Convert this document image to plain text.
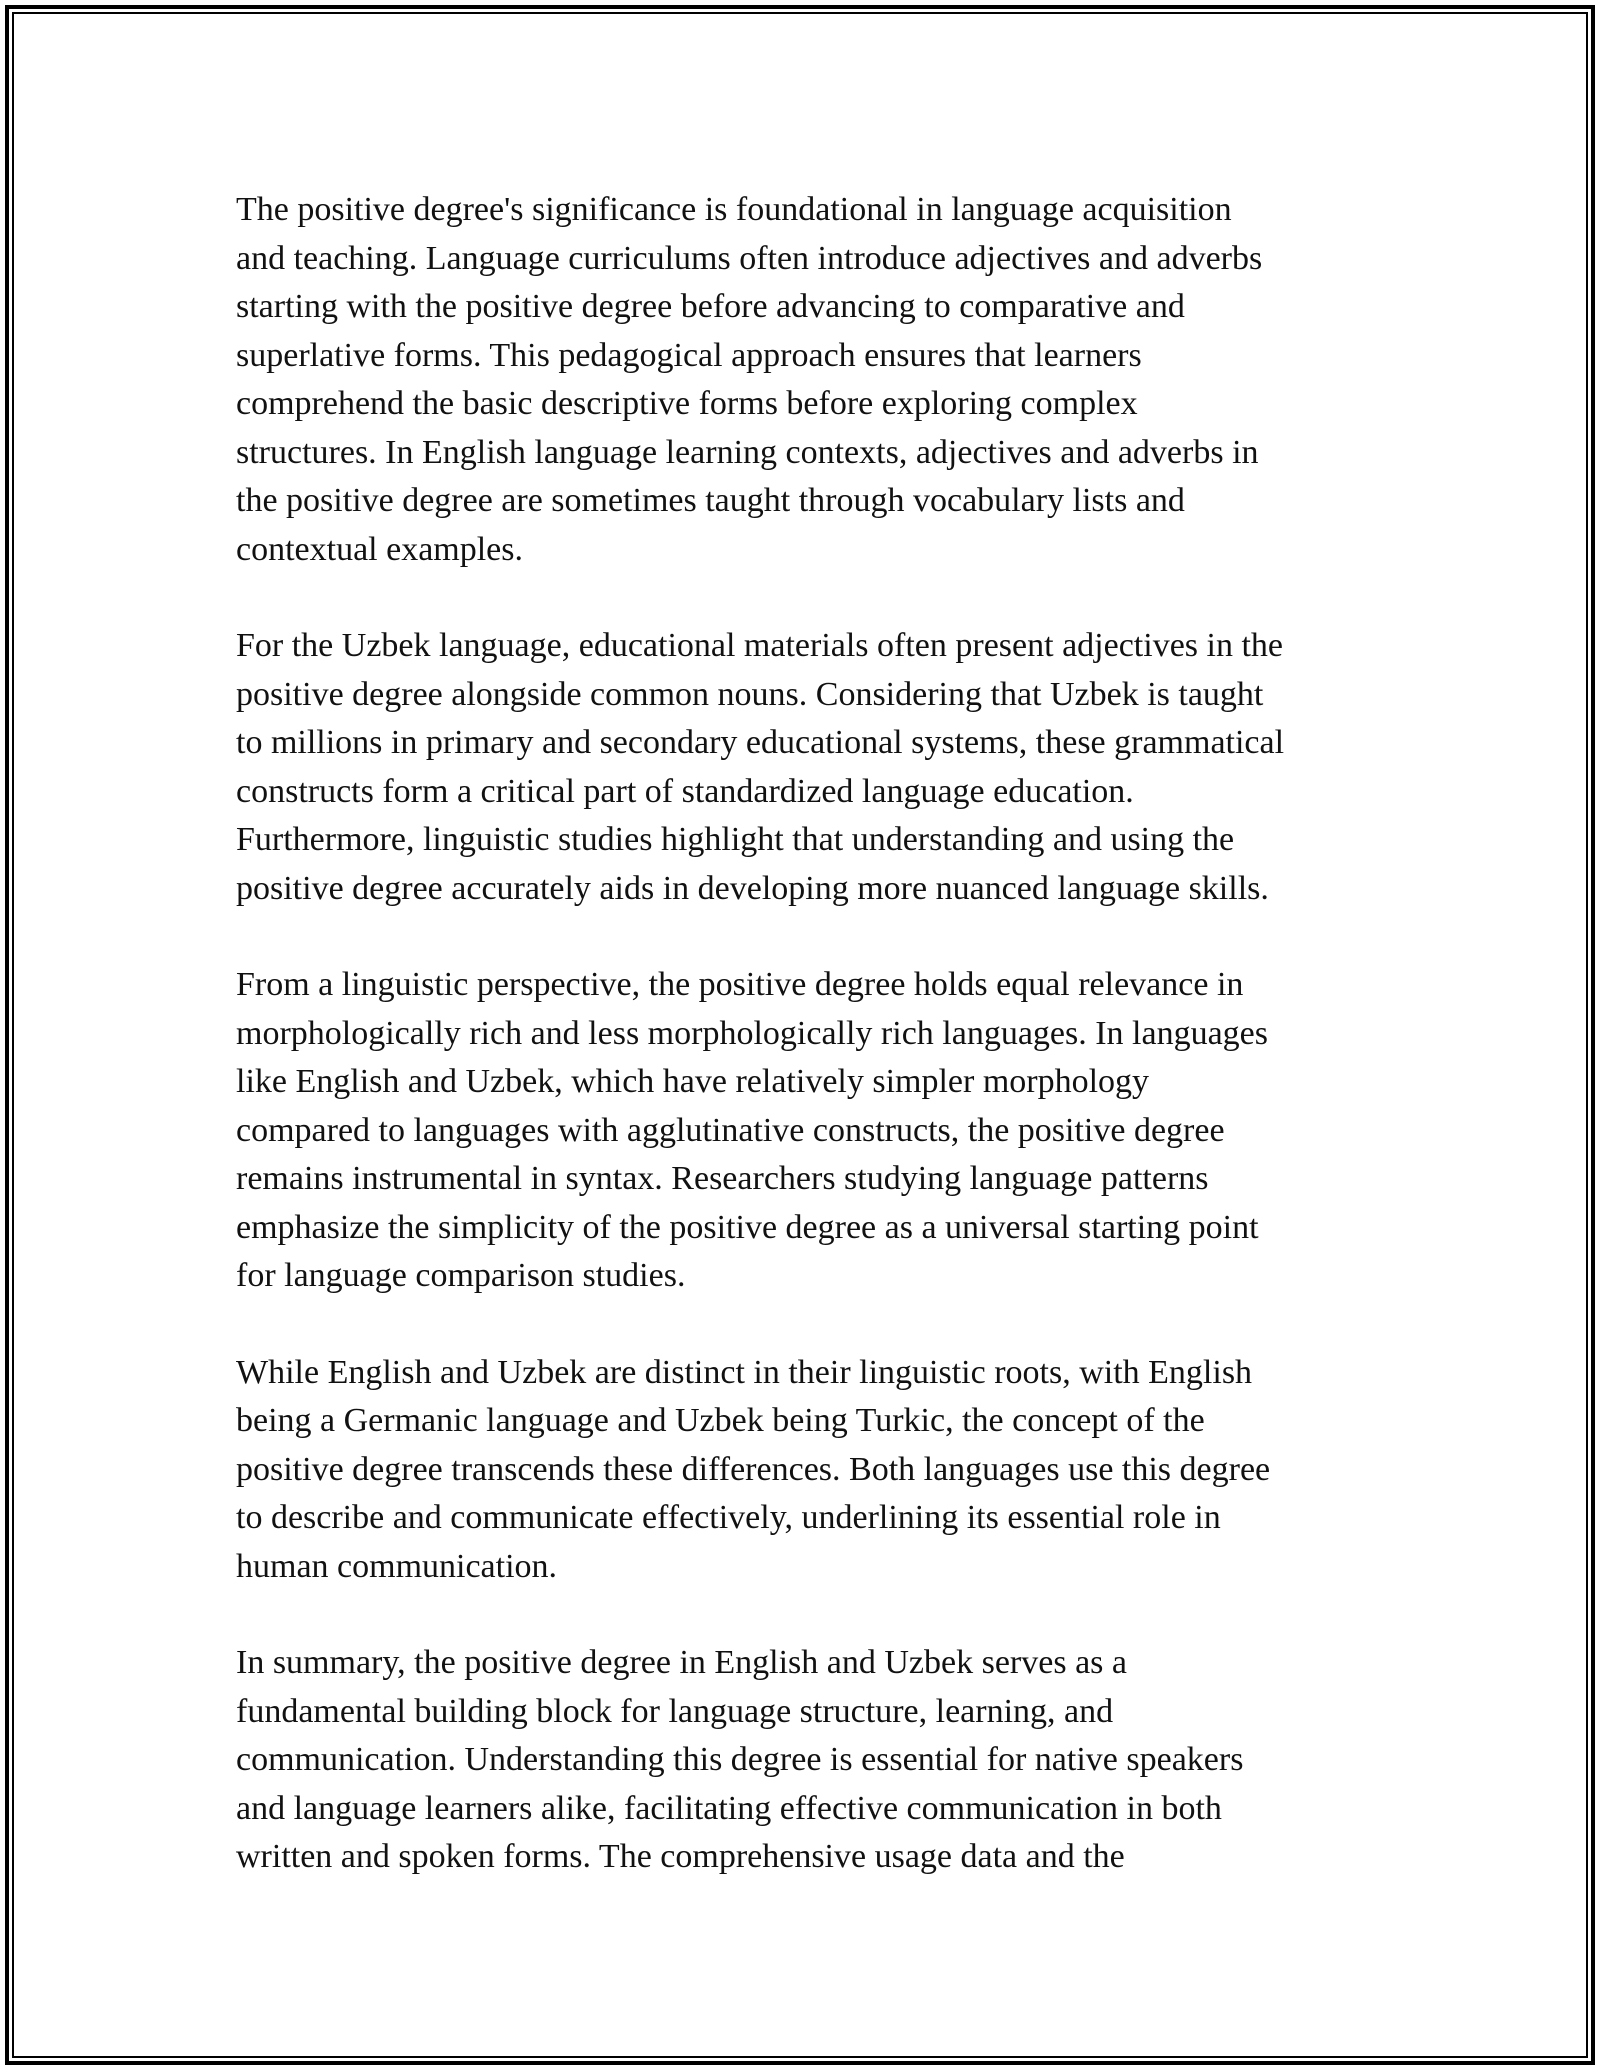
The positive degree's significance is foundational in language acquisition
and teaching. Language curriculums often introduce adjectives and adverbs
starting with the positive degree before advancing to comparative and
superlative forms. This pedagogical approach ensures that learners
comprehend the basic descriptive forms before exploring complex
structures. In English language learning contexts, adjectives and adverbs in
the positive degree are sometimes taught through vocabulary lists and
contextual examples.

For the Uzbek language, educational materials often present adjectives in the
positive degree alongside common nouns. Considering that Uzbek is taught
to millions in primary and secondary educational systems, these grammatical
constructs form a critical part of standardized language education.
Furthermore, linguistic studies highlight that understanding and using the
positive degree accurately aids in developing more nuanced language skills.

From a linguistic perspective, the positive degree holds equal relevance in
morphologically rich and less morphologically rich languages. In languages
like English and Uzbek, which have relatively simpler morphology
compared to languages with agglutinative constructs, the positive degree
remains instrumental in syntax. Researchers studying language patterns
emphasize the simplicity of the positive degree as a universal starting point
for language comparison studies.

While English and Uzbek are distinct in their linguistic roots, with English
being a Germanic language and Uzbek being Turkic, the concept of the
positive degree transcends these differences. Both languages use this degree
to describe and communicate effectively, underlining its essential role in
human communication.

In summary, the positive degree in English and Uzbek serves as a
fundamental building block for language structure, learning, and
communication. Understanding this degree is essential for native speakers
and language learners alike, facilitating effective communication in both
written and spoken forms. The comprehensive usage data and the
